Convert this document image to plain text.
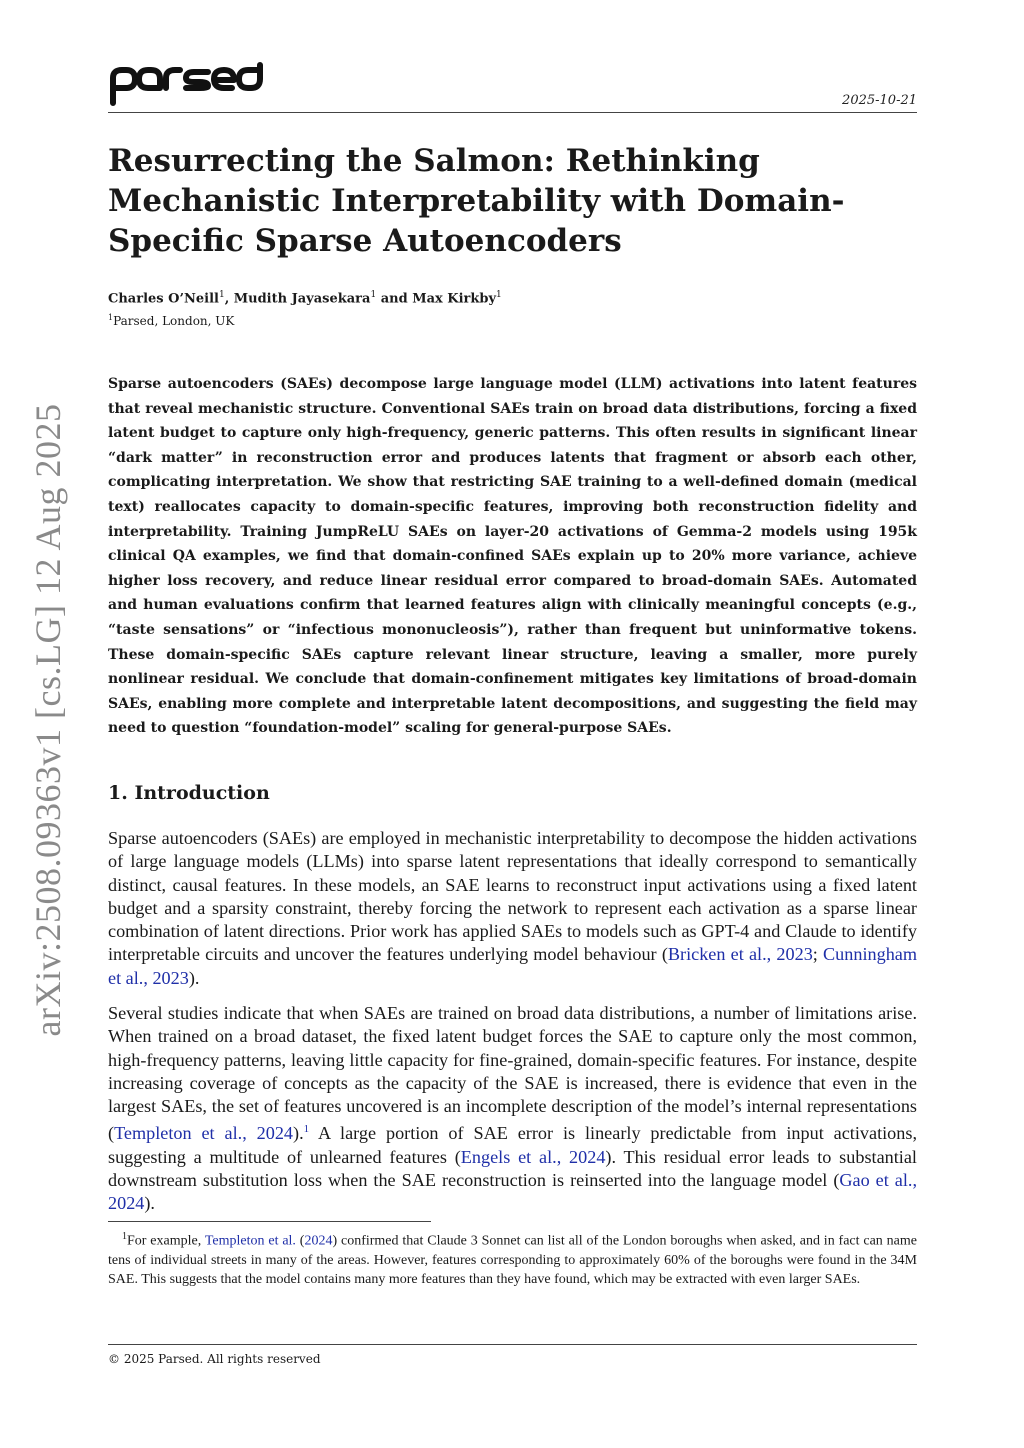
2025-10-21
arXiv:2508.09363v1 [cs.LG] 12 Aug 2025
Resurrecting the Salmon: Rethinking Mechanistic Interpretability with Domain-Specific Sparse Autoencoders
Charles O’Neill$^1$, Mudith Jayasekara$^1$ and Max Kirkby$^1$
$^1$Parsed, London, UK

Sparse autoencoders (SAEs) decompose large language model (LLM) activations into latent features that reveal mechanistic structure. Conventional SAEs train on broad data distributions, forcing a fixed latent budget to capture only high-frequency, generic patterns. This often results in significant linear “dark matter” in reconstruction error and produces latents that fragment or absorb each other, complicating interpretation. We show that restricting SAE training to a well-defined domain (medical text) reallocates capacity to domain-specific features, improving both reconstruction fidelity and interpretability. Training JumpReLU SAEs on layer-20 activations of Gemma-2 models using 195k clinical QA examples, we find that domain-confined SAEs explain up to 20% more variance, achieve higher loss recovery, and reduce linear residual error compared to broad-domain SAEs. Automated and human evaluations confirm that learned features align with clinically meaningful concepts (e.g., “taste sensations” or “infectious mononucleosis”), rather than frequent but uninformative tokens. These domain-specific SAEs capture relevant linear structure, leaving a smaller, more purely nonlinear residual. We conclude that domain-confinement mitigates key limitations of broad-domain SAEs, enabling more complete and interpretable latent decompositions, and suggesting the field may need to question “foundation-model” scaling for general-purpose SAEs.

1. Introduction

Sparse autoencoders (SAEs) are employed in mechanistic interpretability to decompose the hidden activations of large language models (LLMs) into sparse latent representations that ideally correspond to semantically distinct, causal features. In these models, an SAE learns to reconstruct input activations using a fixed latent budget and a sparsity constraint, thereby forcing the network to represent each activation as a sparse linear combination of latent directions. Prior work has applied SAEs to models such as GPT-4 and Claude to identify interpretable circuits and uncover the features underlying model behaviour (Bricken et al., 2023; Cunningham et al., 2023).

Several studies indicate that when SAEs are trained on broad data distributions, a number of limitations arise. When trained on a broad dataset, the fixed latent budget forces the SAE to capture only the most common, high-frequency patterns, leaving little capacity for fine-grained, domain-specific features. For instance, despite increasing coverage of concepts as the capacity of the SAE is increased, there is evidence that even in the largest SAEs, the set of features uncovered is an incomplete description of the model’s internal representations (Templeton et al., 2024).$^1$ A large portion of SAE error is linearly predictable from input activations, suggesting a multitude of unlearned features (Engels et al., 2024). This residual error leads to substantial downstream substitution loss when the SAE reconstruction is reinserted into the language model (Gao et al., 2024).

$^1$For example, Templeton et al. (2024) confirmed that Claude 3 Sonnet can list all of the London boroughs when asked, and in fact can name tens of individual streets in many of the areas. However, features corresponding to approximately 60% of the boroughs were found in the 34M SAE. This suggests that the model contains many more features than they have found, which may be extracted with even larger SAEs.

© 2025 Parsed. All rights reserved
